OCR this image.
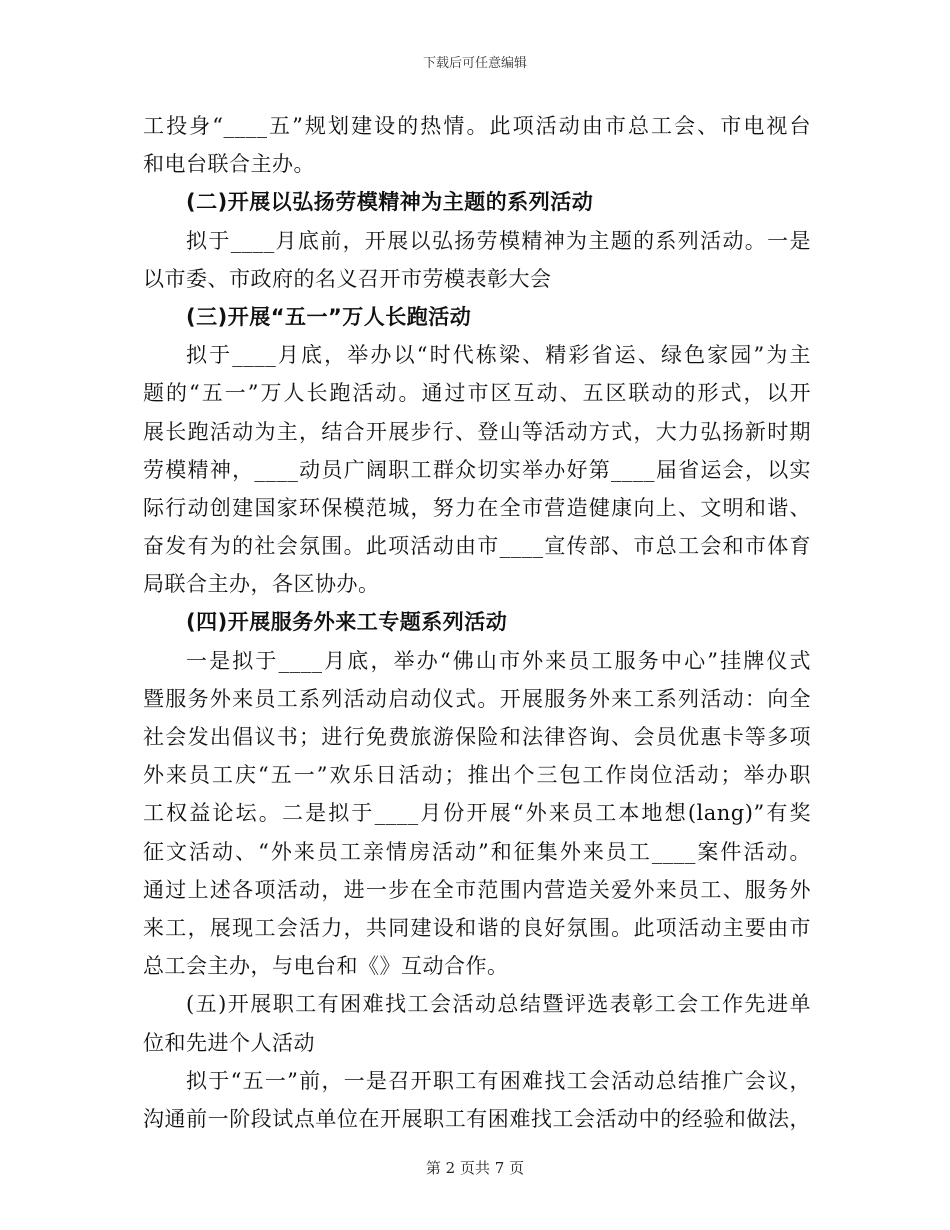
下载后可任意编辑
工投身“____五”规划建设的热情。此项活动由市总工会、市电视台
和电台联合主办。
(二)开展以弘扬劳模精神为主题的系列活动
拟于____月底前，开展以弘扬劳模精神为主题的系列活动。一是
以市委、市政府的名义召开市劳模表彰大会
(三)开展“五一”万人长跑活动
拟于____月底，举办以“时代栋梁、精彩省运、绿色家园”为主
题的“五一”万人长跑活动。通过市区互动、五区联动的形式，以开
展长跑活动为主，结合开展步行、登山等活动方式，大力弘扬新时期
劳模精神，____动员广阔职工群众切实举办好第____届省运会，以实
际行动创建国家环保模范城，努力在全市营造健康向上、文明和谐、
奋发有为的社会氛围。此项活动由市____宣传部、市总工会和市体育
局联合主办，各区协办。
(四)开展服务外来工专题系列活动
一是拟于____月底，举办“佛山市外来员工服务中心”挂牌仪式
暨服务外来员工系列活动启动仪式。开展服务外来工系列活动：向全
社会发出倡议书；进行免费旅游保险和法律咨询、会员优惠卡等多项
外来员工庆“五一”欢乐日活动；推出个三包工作岗位活动；举办职
工权益论坛。二是拟于____月份开展“外来员工本地想(lang)”有奖
征文活动、“外来员工亲情房活动”和征集外来员工____案件活动。
通过上述各项活动，进一步在全市范围内营造关爱外来员工、服务外
来工，展现工会活力，共同建设和谐的良好氛围。此项活动主要由市
总工会主办，与电台和《》互动合作。
(五)开展职工有困难找工会活动总结暨评选表彰工会工作先进单
位和先进个人活动
拟于“五一”前，一是召开职工有困难找工会活动总结推广会议，
沟通前一阶段试点单位在开展职工有困难找工会活动中的经验和做法，
第 2 页共 7 页
